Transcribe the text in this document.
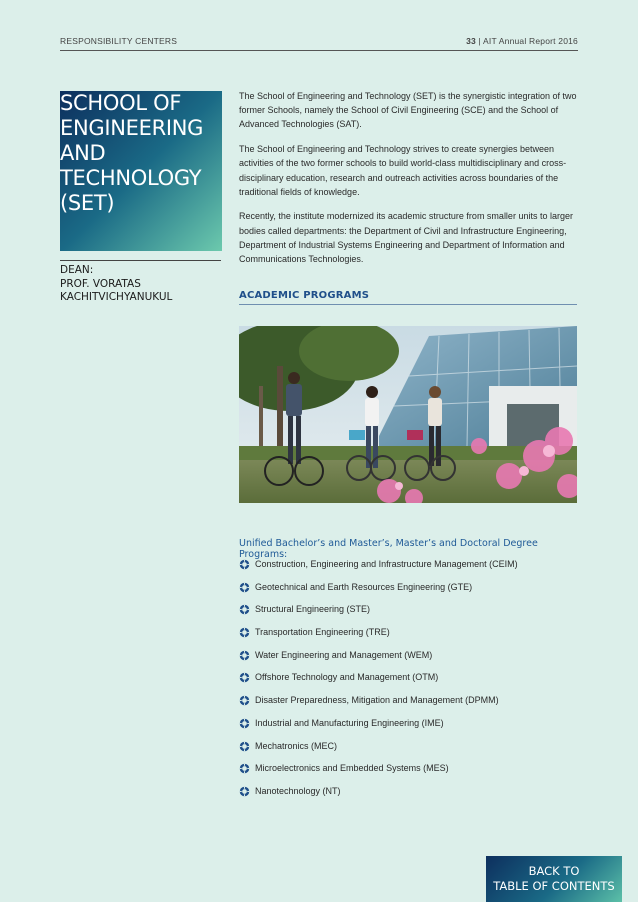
RESPONSIBILITY CENTERS	33 | AIT Annual Report 2016
SCHOOL OF
ENGINEERING
AND
TECHNOLOGY
(SET)
DEAN:
PROF. VORATAS
KACHITVICHYANUKUL

The School of Engineering and Technology (SET) is the synergistic integration of two former Schools, namely the School of Civil Engineering (SCE) and the School of Advanced Technologies (SAT).

The School of Engineering and Technology strives to create synergies between activities of the two former schools to build world-class multidisciplinary and cross-disciplinary education, research and outreach activities across boundaries of the traditional fields of knowledge.

Recently, the institute modernized its academic structure from smaller units to larger bodies called departments: the Department of Civil and Infrastructure Engineering, Department of Industrial Systems Engineering and Department of Information and Communications Technologies.

ACADEMIC PROGRAMS
Unified Bachelor’s and Master’s, Master’s and Doctoral Degree Programs:
Construction, Engineering and Infrastructure Management (CEIM)
Geotechnical and Earth Resources Engineering (GTE)
Structural Engineering (STE)
Transportation Engineering (TRE)
Water Engineering and Management (WEM)
Offshore Technology and Management (OTM)
Disaster Preparedness, Mitigation and Management (DPMM)
Industrial and Manufacturing Engineering (IME)
Mechatronics (MEC)
Microelectronics and Embedded Systems (MES)
Nanotechnology (NT)
BACK TO
TABLE OF CONTENTS
